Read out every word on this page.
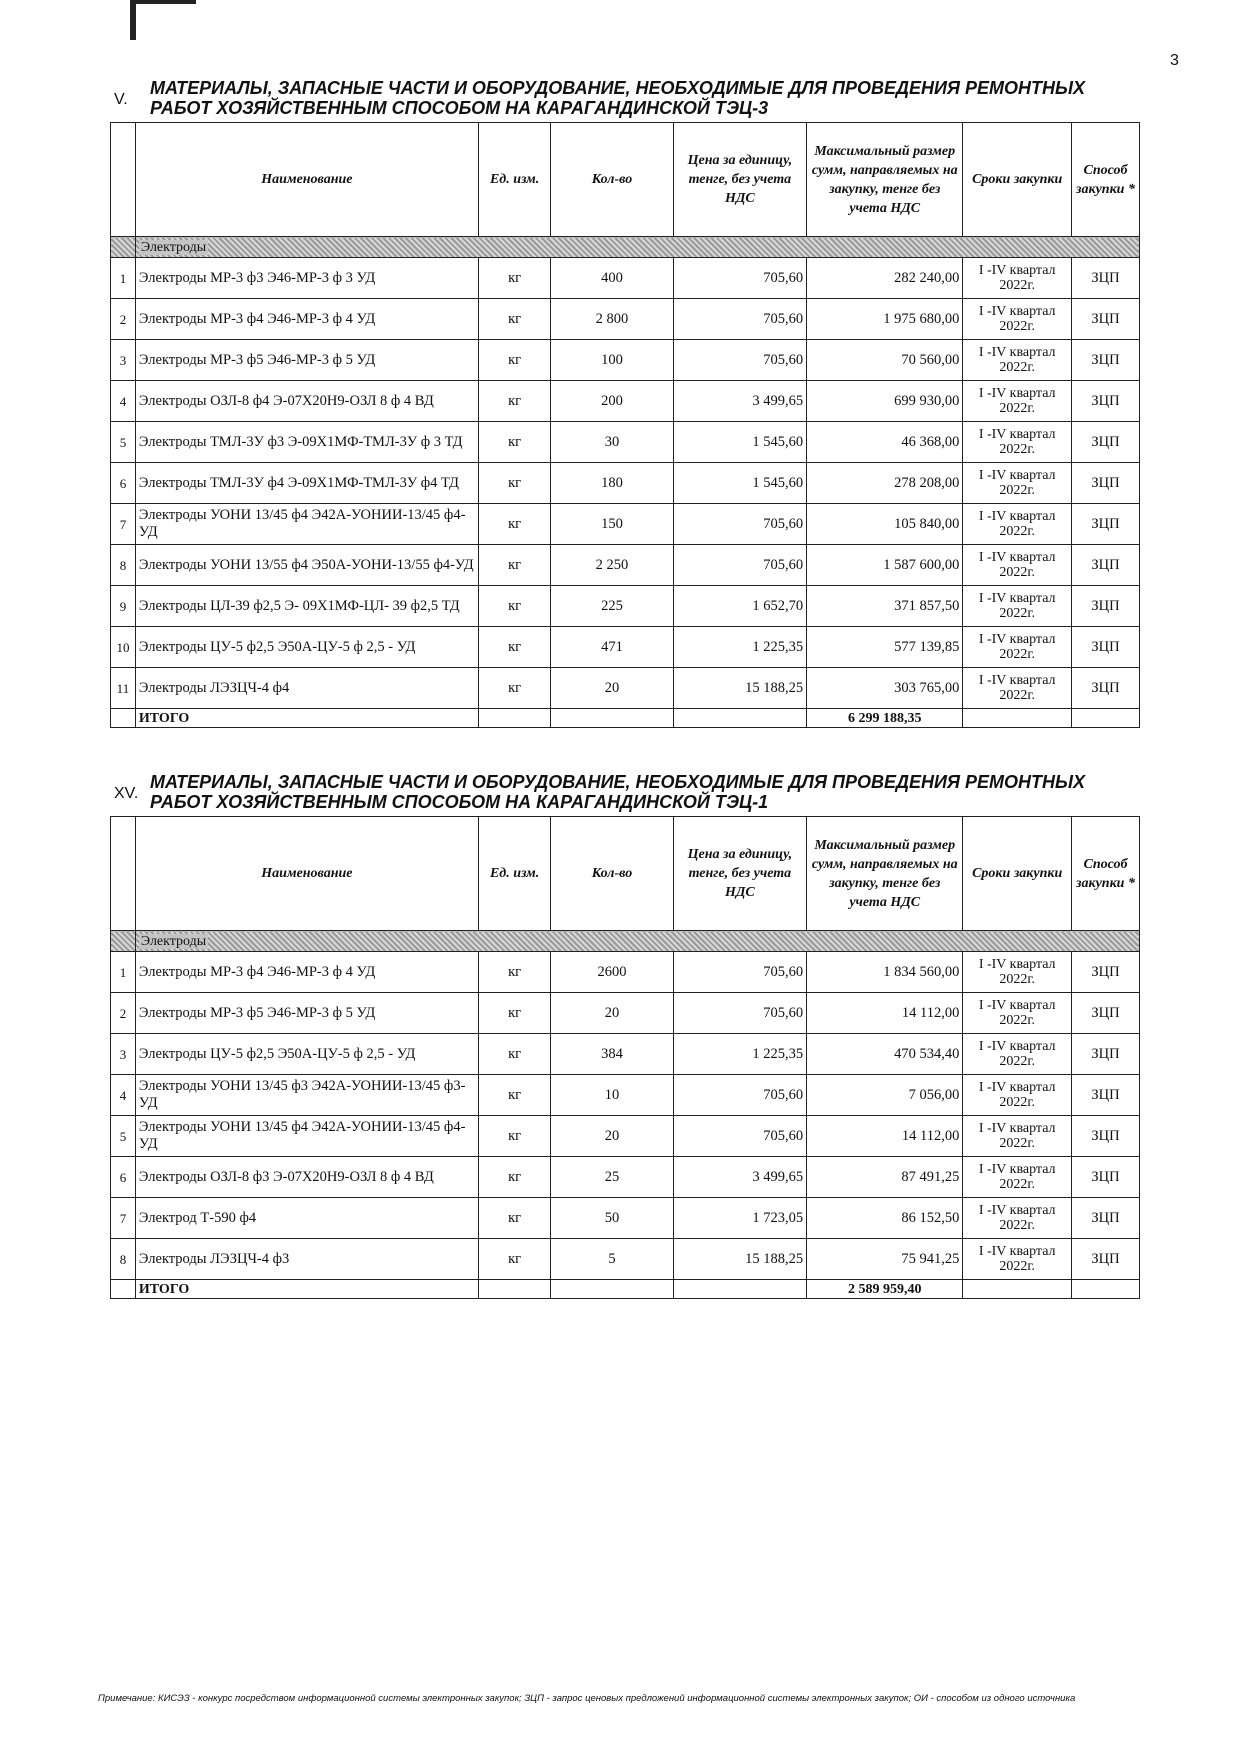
3
V.
МАТЕРИАЛЫ, ЗАПАСНЫЕ ЧАСТИ И ОБОРУДОВАНИЕ, НЕОБХОДИМЫЕ ДЛЯ ПРОВЕДЕНИЯ РЕМОНТНЫХ РАБОТ ХОЗЯЙСТВЕННЫМ СПОСОБОМ НА КАРАГАНДИНСКОЙ ТЭЦ-3
	Наименование	Ед. изм.	Кол-во	Цена за единицу, тенге, без учета НДС	Максимальный размер сумм, направляемых на закупку, тенге без учета НДС	Сроки закупки	Способ закупки *
	Электроды						
1	Электроды МР-3 ф3 Э46-МР-3 ф 3 УД	кг	400	705,60	282 240,00	I -IV квартал 2022г.	ЗЦП
2	Электроды МР-3 ф4 Э46-МР-3 ф 4 УД	кг	2 800	705,60	1 975 680,00	I -IV квартал 2022г.	ЗЦП
3	Электроды МР-3 ф5 Э46-МР-3 ф 5 УД	кг	100	705,60	70 560,00	I -IV квартал 2022г.	ЗЦП
4	Электроды ОЗЛ-8 ф4 Э-07Х20Н9-ОЗЛ 8 ф 4 ВД	кг	200	3 499,65	699 930,00	I -IV квартал 2022г.	ЗЦП
5	Электроды ТМЛ-3У ф3 Э-09Х1МФ-ТМЛ-3У ф 3 ТД	кг	30	1 545,60	46 368,00	I -IV квартал 2022г.	ЗЦП
6	Электроды ТМЛ-3У ф4 Э-09Х1МФ-ТМЛ-3У ф4 ТД	кг	180	1 545,60	278 208,00	I -IV квартал 2022г.	ЗЦП
7	Электроды УОНИ 13/45 ф4 Э42А-УОНИИ-13/45 ф4-УД	кг	150	705,60	105 840,00	I -IV квартал 2022г.	ЗЦП
8	Электроды УОНИ 13/55 ф4 Э50А-УОНИ-13/55 ф4-УД	кг	2 250	705,60	1 587 600,00	I -IV квартал 2022г.	ЗЦП
9	Электроды ЦЛ-39 ф2,5 Э- 09Х1МФ-ЦЛ- 39 ф2,5 ТД	кг	225	1 652,70	371 857,50	I -IV квартал 2022г.	ЗЦП
10	Электроды ЦУ-5 ф2,5 Э50А-ЦУ-5 ф 2,5 - УД	кг	471	1 225,35	577 139,85	I -IV квартал 2022г.	ЗЦП
11	Электроды ЛЭЗЦЧ-4 ф4	кг	20	15 188,25	303 765,00	I -IV квартал 2022г.	ЗЦП
	ИТОГО				6 299 188,35		
XV.
МАТЕРИАЛЫ, ЗАПАСНЫЕ ЧАСТИ И ОБОРУДОВАНИЕ, НЕОБХОДИМЫЕ ДЛЯ ПРОВЕДЕНИЯ РЕМОНТНЫХ РАБОТ ХОЗЯЙСТВЕННЫМ СПОСОБОМ НА КАРАГАНДИНСКОЙ ТЭЦ-1
	Наименование	Ед. изм.	Кол-во	Цена за единицу, тенге, без учета НДС	Максимальный размер сумм, направляемых на закупку, тенге без учета НДС	Сроки закупки	Способ закупки *
	Электроды						
1	Электроды МР-3 ф4 Э46-МР-3 ф 4 УД	кг	2600	705,60	1 834 560,00	I -IV квартал 2022г.	ЗЦП
2	Электроды МР-3 ф5 Э46-МР-3 ф 5 УД	кг	20	705,60	14 112,00	I -IV квартал 2022г.	ЗЦП
3	Электроды ЦУ-5 ф2,5 Э50А-ЦУ-5 ф 2,5 - УД	кг	384	1 225,35	470 534,40	I -IV квартал 2022г.	ЗЦП
4	Электроды УОНИ 13/45 ф3 Э42А-УОНИИ-13/45 ф3-УД	кг	10	705,60	7 056,00	I -IV квартал 2022г.	ЗЦП
5	Электроды УОНИ 13/45 ф4 Э42А-УОНИИ-13/45 ф4-УД	кг	20	705,60	14 112,00	I -IV квартал 2022г.	ЗЦП
6	Электроды ОЗЛ-8 ф3 Э-07Х20Н9-ОЗЛ 8 ф 4 ВД	кг	25	3 499,65	87 491,25	I -IV квартал 2022г.	ЗЦП
7	Электрод Т-590 ф4	кг	50	1 723,05	86 152,50	I -IV квартал 2022г.	ЗЦП
8	Электроды ЛЭЗЦЧ-4 ф3	кг	5	15 188,25	75 941,25	I -IV квартал 2022г.	ЗЦП
	ИТОГО				2 589 959,40		
Примечание: КИСЭЗ - конкурс посредством информационной системы электронных закупок; ЗЦП - запрос ценовых предложений информационной системы электронных закупок; ОИ - способом из одного источника
